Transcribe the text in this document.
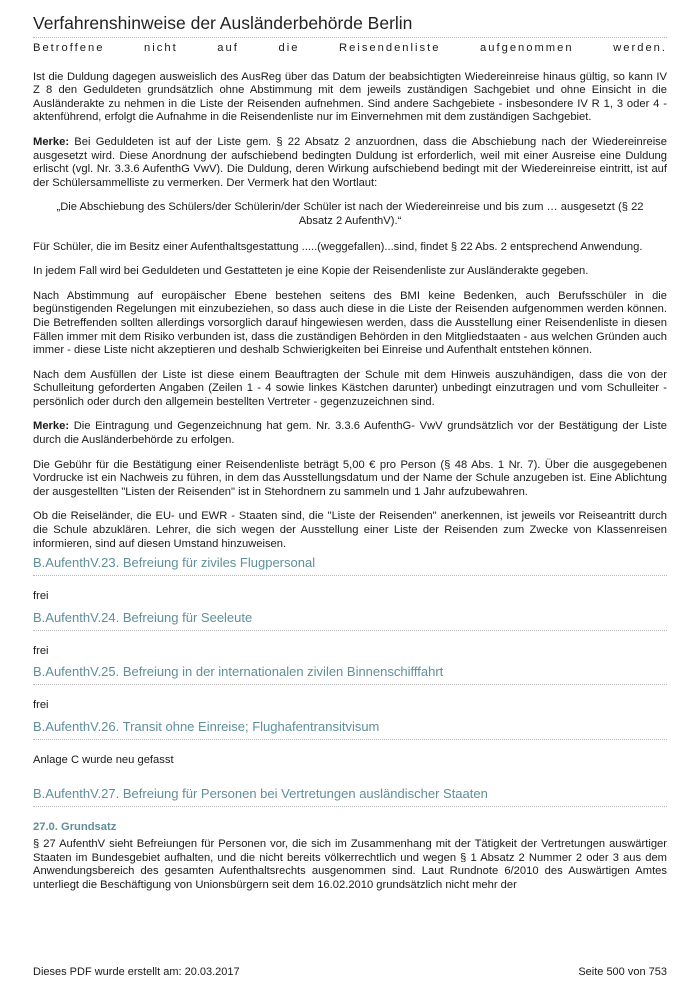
Verfahrenshinweise der Ausländerbehörde Berlin

Betroffene nicht auf die Reisendenliste aufgenommen werden.

Ist die Duldung dagegen ausweislich des AusReg über das Datum der beabsichtigten Wiedereinreise hinaus gültig, so kann IV Z 8 den Geduldeten grundsätzlich ohne Abstimmung mit dem jeweils zuständigen Sachgebiet und ohne Einsicht in die Ausländerakte zu nehmen in die Liste der Reisenden aufnehmen. Sind andere Sachgebiete - insbesondere IV R 1, 3 oder 4 - aktenführend, erfolgt die Aufnahme in die Reisendenliste nur im Einvernehmen mit dem zuständigen Sachgebiet.

Merke: Bei Geduldeten ist auf der Liste gem. § 22 Absatz 2 anzuordnen, dass die Abschiebung nach der Wiedereinreise ausgesetzt wird. Diese Anordnung der aufschiebend bedingten Duldung ist erforderlich, weil mit einer Ausreise eine Duldung erlischt (vgl. Nr. 3.3.6 AufenthG VwV). Die Duldung, deren Wirkung aufschiebend bedingt mit der Wiedereinreise eintritt, ist auf der Schülersammelliste zu vermerken. Der Vermerk hat den Wortlaut:

„Die Abschiebung des Schülers/der Schülerin/der Schüler ist nach der Wiedereinreise und bis zum … ausgesetzt (§ 22 Absatz 2 AufenthV).“

Für Schüler, die im Besitz einer Aufenthaltsgestattung .....(weggefallen)...sind, findet § 22 Abs. 2 entsprechend Anwendung.

In jedem Fall wird bei Geduldeten und Gestatteten je eine Kopie der Reisendenliste zur Ausländerakte gegeben.

Nach Abstimmung auf europäischer Ebene bestehen seitens des BMI keine Bedenken, auch Berufsschüler in die begünstigenden Regelungen mit einzubeziehen, so dass auch diese in die Liste der Reisenden aufgenommen werden können. Die Betreffenden sollten allerdings vorsorglich darauf hingewiesen werden, dass die Ausstellung einer Reisendenliste in diesen Fällen immer mit dem Risiko verbunden ist, dass die zuständigen Behörden in den Mitgliedstaaten - aus welchen Gründen auch immer - diese Liste nicht akzeptieren und deshalb Schwierigkeiten bei Einreise und Aufenthalt entstehen können.

Nach dem Ausfüllen der Liste ist diese einem Beauftragten der Schule mit dem Hinweis auszuhändigen, dass die von der Schulleitung geforderten Angaben (Zeilen 1 - 4 sowie linkes Kästchen darunter) unbedingt einzutragen und vom Schulleiter - persönlich oder durch den allgemein bestellten Vertreter - gegenzuzeichnen sind.

Merke: Die Eintragung und Gegenzeichnung hat gem. Nr. 3.3.6 AufenthG- VwV grundsätzlich vor der Bestätigung der Liste durch die Ausländerbehörde zu erfolgen.

Die Gebühr für die Bestätigung einer Reisendenliste beträgt 5,00 € pro Person (§ 48 Abs. 1 Nr. 7). Über die ausgegebenen Vordrucke ist ein Nachweis zu führen, in dem das Ausstellungsdatum und der Name der Schule anzugeben ist. Eine Ablichtung der ausgestellten "Listen der Reisenden" ist in Stehordnern zu sammeln und 1 Jahr aufzubewahren.

Ob die Reiseländer, die EU- und EWR - Staaten sind, die "Liste der Reisenden" anerkennen, ist jeweils vor Reiseantritt durch die Schule abzuklären. Lehrer, die sich wegen der Ausstellung einer Liste der Reisenden zum Zwecke von Klassenreisen informieren, sind auf diesen Umstand hinzuweisen.

B.AufenthV.23. Befreiung für ziviles Flugpersonal

frei

B.AufenthV.24. Befreiung für Seeleute

frei

B.AufenthV.25. Befreiung in der internationalen zivilen Binnenschifffahrt

frei

B.AufenthV.26. Transit ohne Einreise; Flughafentransitvisum

Anlage C wurde neu gefasst

B.AufenthV.27. Befreiung für Personen bei Vertretungen ausländischer Staaten

27.0. Grundsatz

§ 27 AufenthV sieht Befreiungen für Personen vor, die sich im Zusammenhang mit der Tätigkeit der Vertretungen auswärtiger Staaten im Bundesgebiet aufhalten, und die nicht bereits völkerrechtlich und wegen § 1 Absatz 2 Nummer 2 oder 3 aus dem Anwendungsbereich des gesamten Aufenthaltsrechts ausgenommen sind. Laut Rundnote 6/2010 des Auswärtigen Amtes unterliegt die Beschäftigung von Unionsbürgern seit dem 16.02.2010 grundsätzlich nicht mehr der

Dieses PDF wurde erstellt am: 20.03.2017	Seite 500 von 753
